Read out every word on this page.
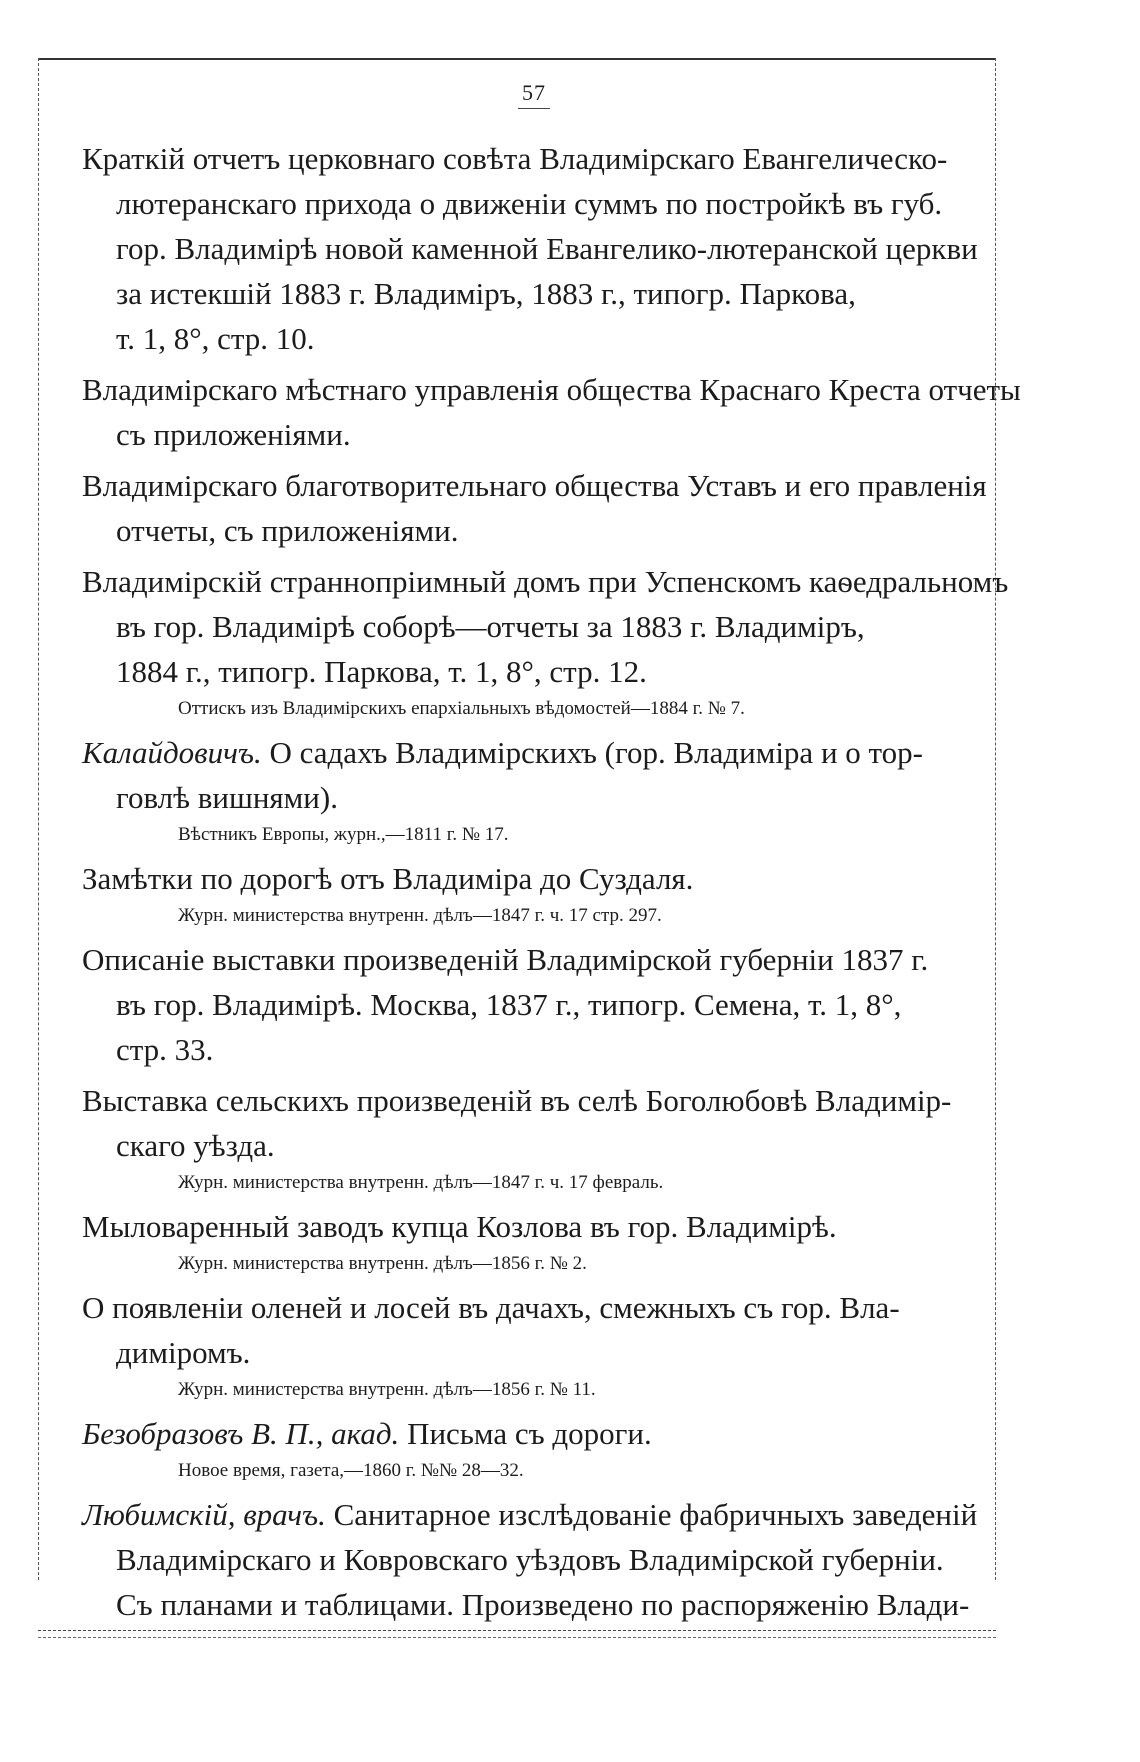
57
Краткій отчетъ церковнаго совѣта Владимірскаго Евангелическо-
лютеранскаго прихода о движеніи суммъ по постройкѣ въ губ.
гор. Владимірѣ новой каменной Евангелико-лютеранской церкви
за истекшій 1883 г. Владиміръ, 1883 г., типогр. Паркова,
т. 1, 8°, стр. 10.
Владимірскаго мѣстнаго управленія общества Краснаго Креста отчеты
съ приложеніями.
Владимірскаго благотворительнаго общества Уставъ и его правленія
отчеты, съ приложеніями.
Владимірскій страннопріимный домъ при Успенскомъ каѳедральномъ
въ гор. Владимірѣ соборѣ—отчеты за 1883 г. Владиміръ,
1884 г., типогр. Паркова, т. 1, 8°, стр. 12.
Оттискъ изъ Владимірскихъ епархіальныхъ вѣдомостей—1884 г. № 7.
Калайдовичъ. О садахъ Владимірскихъ (гор. Владиміра и о тор-
говлѣ вишнями).
Вѣстникъ Европы, журн.,—1811 г. № 17.
Замѣтки по дорогѣ отъ Владиміра до Суздаля.
Журн. министерства внутренн. дѣлъ—1847 г. ч. 17 стр. 297.
Описаніе выставки произведеній Владимірской губерніи 1837 г.
въ гор. Владимірѣ. Москва, 1837 г., типогр. Семена, т. 1, 8°,
стр. 33.
Выставка сельскихъ произведеній въ селѣ Боголюбовѣ Владимір-
скаго уѣзда.
Журн. министерства внутренн. дѣлъ—1847 г. ч. 17 февраль.
Мыловаренный заводъ купца Козлова въ гор. Владимірѣ.
Журн. министерства внутренн. дѣлъ—1856 г. № 2.
О появленіи оленей и лосей въ дачахъ, смежныхъ съ гор. Вла-
диміромъ.
Журн. министерства внутренн. дѣлъ—1856 г. № 11.
Безобразовъ В. П., акад. Письма съ дороги.
Новое время, газета,—1860 г. №№ 28—32.
Любимскій, врачъ. Санитарное изслѣдованіе фабричныхъ заведеній
Владимірскаго и Ковровскаго уѣздовъ Владимірской губерніи.
Съ планами и таблицами. Произведено по распоряженію Влади-
